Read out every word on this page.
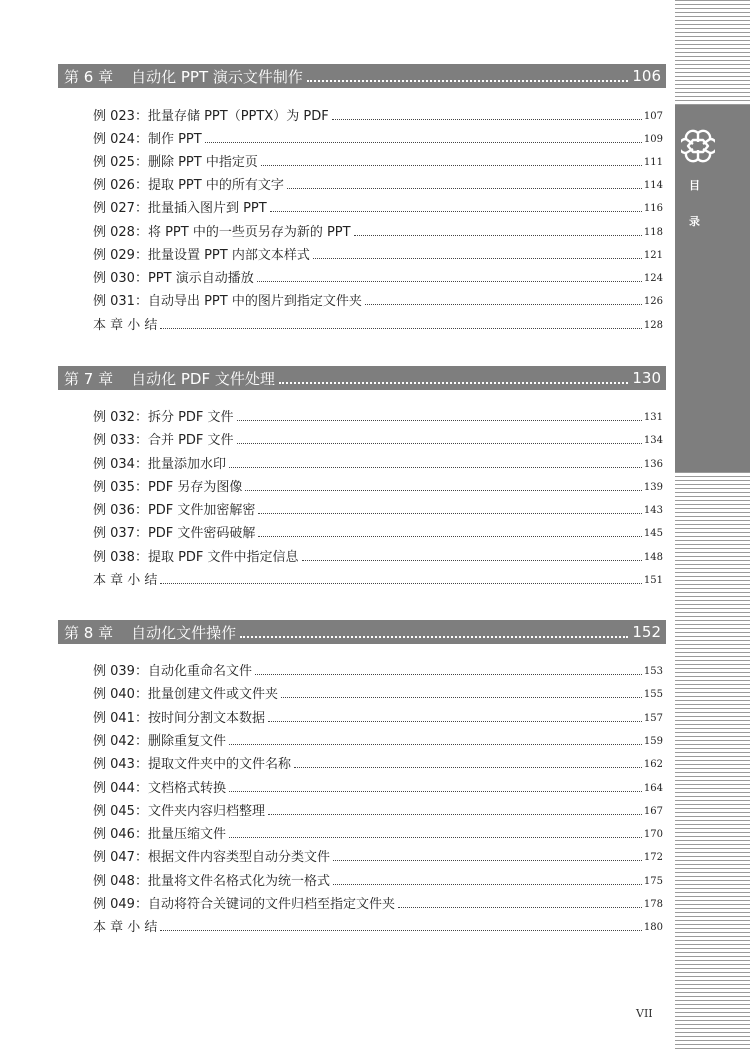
目
录
第 6 章 自动化 PPT 演示文件制作	106
例 023：批量存储 PPT（PPTX）为 PDF	107
例 024：制作 PPT	109
例 025：删除 PPT 中指定页	111
例 026：提取 PPT 中的所有文字	114
例 027：批量插入图片到 PPT	116
例 028：将 PPT 中的一些页另存为新的 PPT	118
例 029：批量设置 PPT 内部文本样式	121
例 030：PPT 演示自动播放	124
例 031：自动导出 PPT 中的图片到指定文件夹	126
本 章 小 结	128
第 7 章 自动化 PDF 文件处理	130
例 032：拆分 PDF 文件	131
例 033：合并 PDF 文件	134
例 034：批量添加水印	136
例 035：PDF 另存为图像	139
例 036：PDF 文件加密解密	143
例 037：PDF 文件密码破解	145
例 038：提取 PDF 文件中指定信息	148
本 章 小 结	151
第 8 章 自动化文件操作	152
例 039：自动化重命名文件	153
例 040：批量创建文件或文件夹	155
例 041：按时间分割文本数据	157
例 042：删除重复文件	159
例 043：提取文件夹中的文件名称	162
例 044：文档格式转换	164
例 045：文件夹内容归档整理	167
例 046：批量压缩文件	170
例 047：根据文件内容类型自动分类文件	172
例 048：批量将文件名格式化为统一格式	175
例 049：自动将符合关键词的文件归档至指定文件夹	178
本 章 小 结	180
VII
